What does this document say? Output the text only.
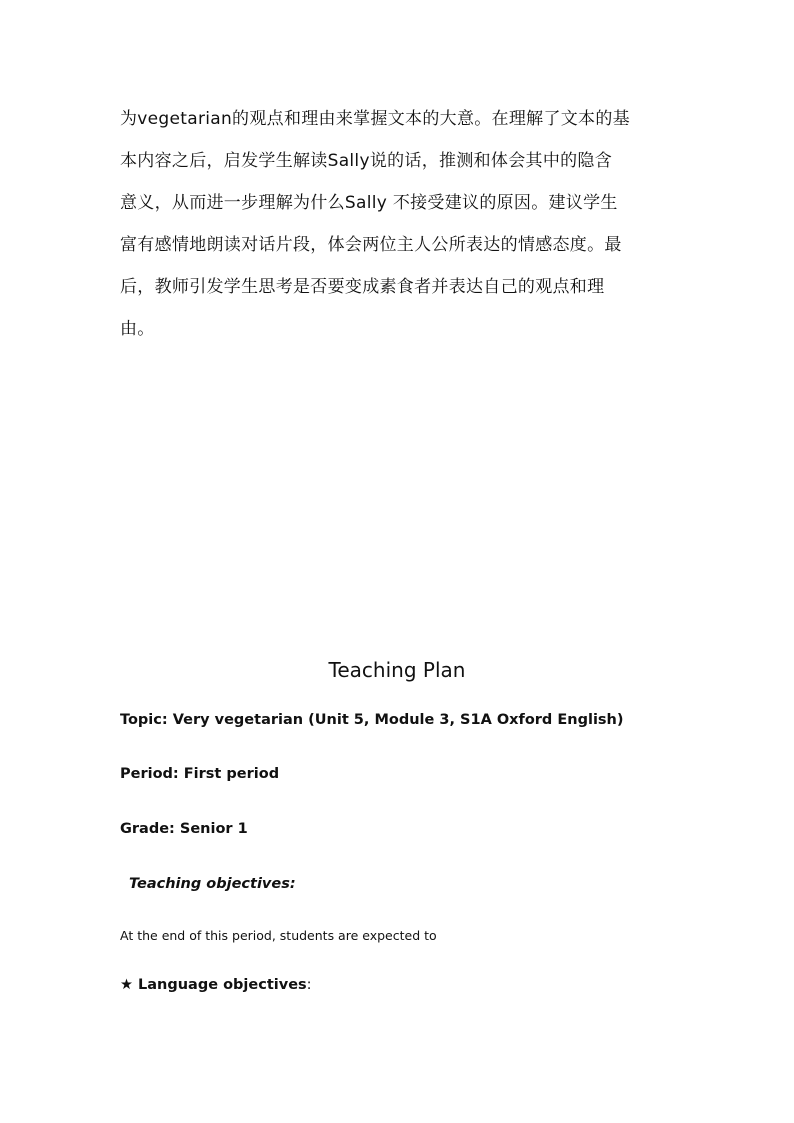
为vegetarian的观点和理由来掌握文本的大意。在理解了文本的基
本内容之后，启发学生解读Sally说的话，推测和体会其中的隐含
意义，从而进一步理解为什么Sally 不接受建议的原因。建议学生
富有感情地朗读对话片段，体会两位主人公所表达的情感态度。最
后，教师引发学生思考是否要变成素食者并表达自己的观点和理
由。

Teaching Plan
Topic: Very vegetarian (Unit 5, Module 3, S1A Oxford English)
Period: First period
Grade: Senior 1
Teaching objectives:
At the end of this period, students are expected to
★ Language objectives:
